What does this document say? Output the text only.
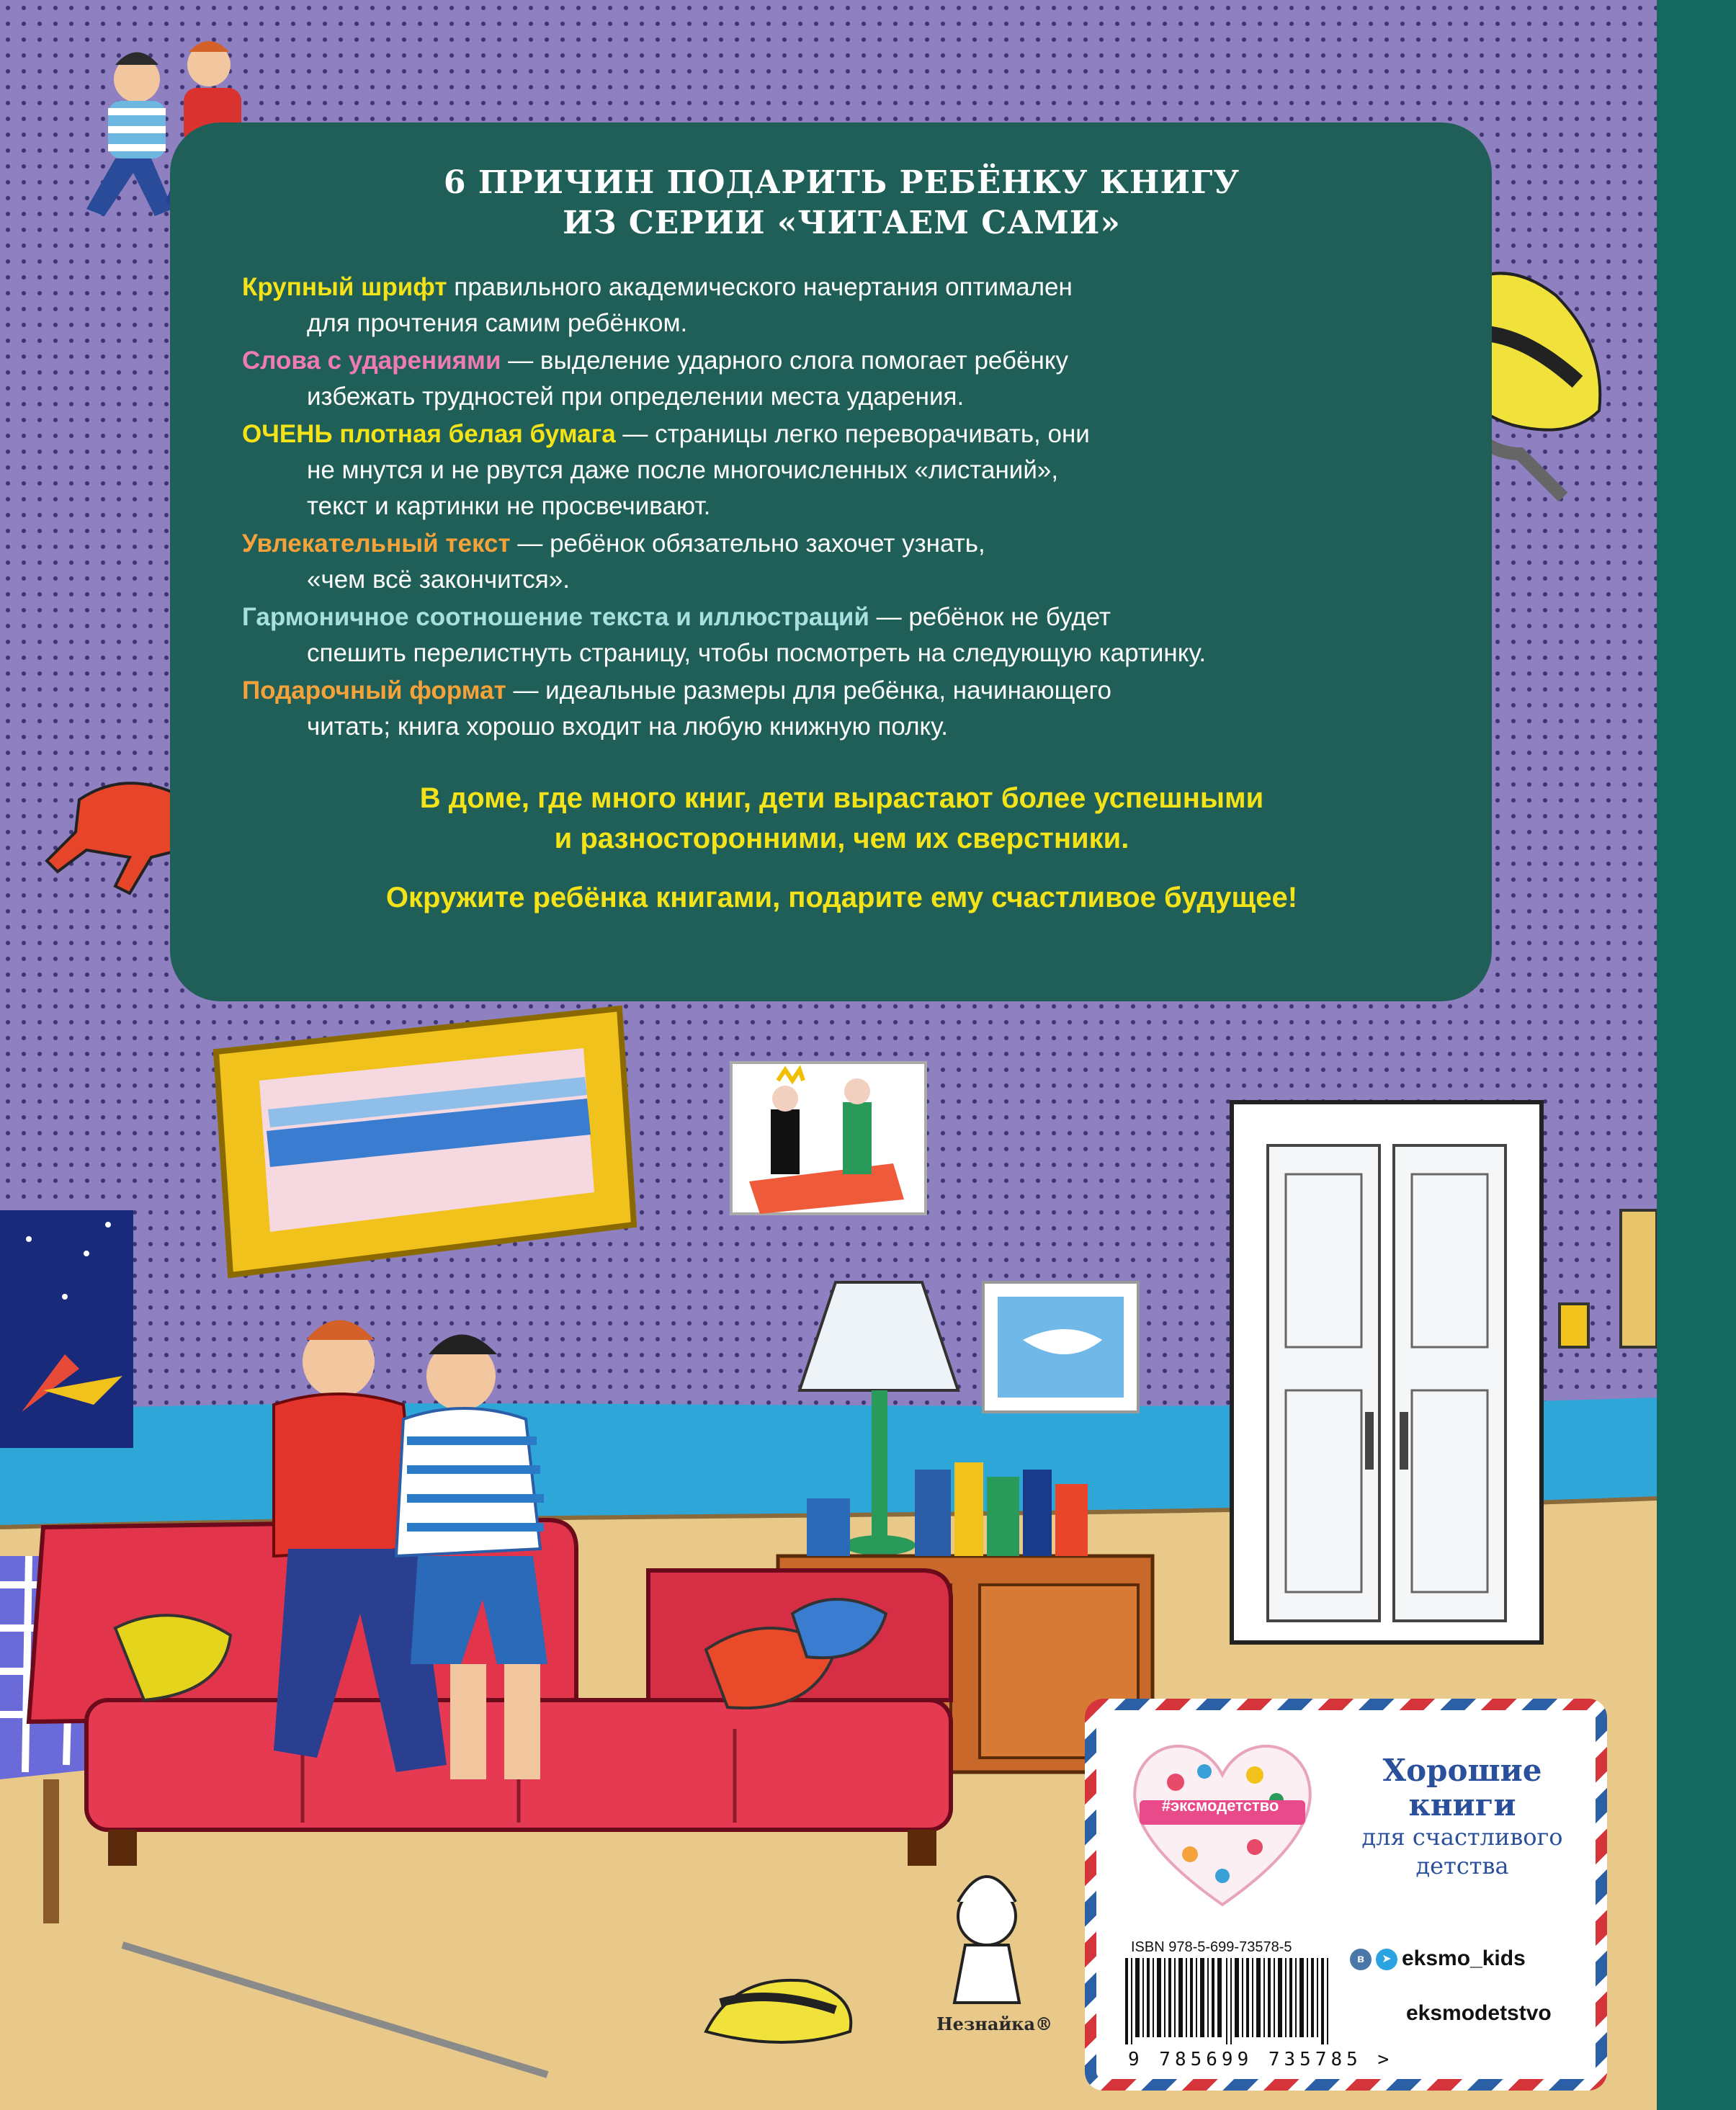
Незнайка®
6 ПРИЧИН ПОДАРИТЬ РЕБЁНКУ КНИГУ
ИЗ СЕРИИ «ЧИТАЕМ САМИ»
Крупный шрифт правильного академического начертания оптимален
для прочтения самим ребёнком.
Слова с ударениями — выделение ударного слога помогает ребёнку
избежать трудностей при определении места ударения.
ОЧЕНЬ плотная белая бумага — страницы легко переворачивать, они
не мнутся и не рвутся даже после многочисленных «листаний»,
текст и картинки не просвечивают.
Увлекательный текст — ребёнок обязательно захочет узнать,
«чем всё закончится».
Гармоничное соотношение текста и иллюстраций — ребёнок не будет
спешить перелистнуть страницу, чтобы посмотреть на следующую картинку.
Подарочный формат — идеальные размеры для ребёнка, начинающего
читать; книга хорошо входит на любую книжную полку.
В доме, где много книг, дети вырастают более успешными
и разносторонними, чем их сверстники.
Окружите ребёнка книгами, подарите ему счастливое будущее!
#эксмодетство
Хорошие
книги
для счастливого
детства
ISBN 978-5-699-73578-5
9 785699 735785 >
в ➤ eksmo_kids
eksmodetstvo
